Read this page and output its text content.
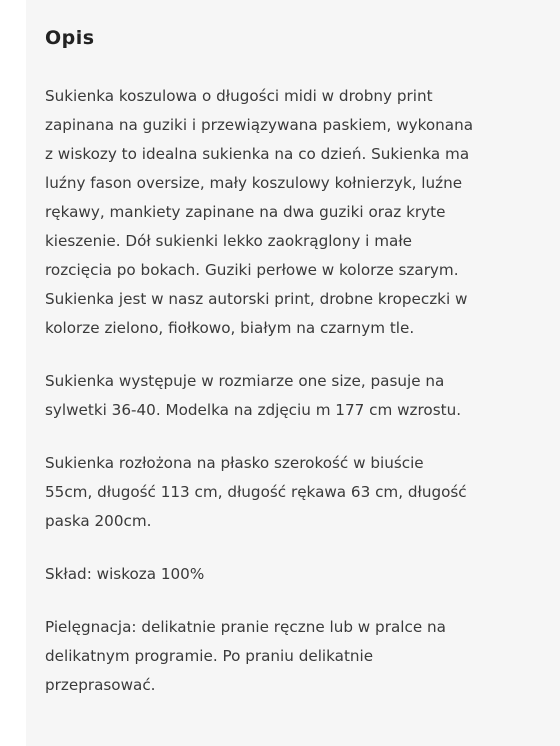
Opis

Sukienka koszulowa o długości midi w drobny print
zapinana na guziki i przewiązywana paskiem, wykonana
z wiskozy to idealna sukienka na co dzień. Sukienka ma
luźny fason oversize, mały koszulowy kołnierzyk, luźne
rękawy, mankiety zapinane na dwa guziki oraz kryte
kieszenie. Dół sukienki lekko zaokrąglony i małe
rozcięcia po bokach. Guziki perłowe w kolorze szarym.
Sukienka jest w nasz autorski print, drobne kropeczki w
kolorze zielono, fiołkowo, białym na czarnym tle.

Sukienka występuje w rozmiarze one size, pasuje na
sylwetki 36-40. Modelka na zdjęciu m 177 cm wzrostu.

Sukienka rozłożona na płasko szerokość w biuście
55cm, długość 113 cm, długość rękawa 63 cm, długość
paska 200cm.

Skład: wiskoza 100%

Pielęgnacja: delikatnie pranie ręczne lub w pralce na
delikatnym programie. Po praniu delikatnie
przeprasować.
